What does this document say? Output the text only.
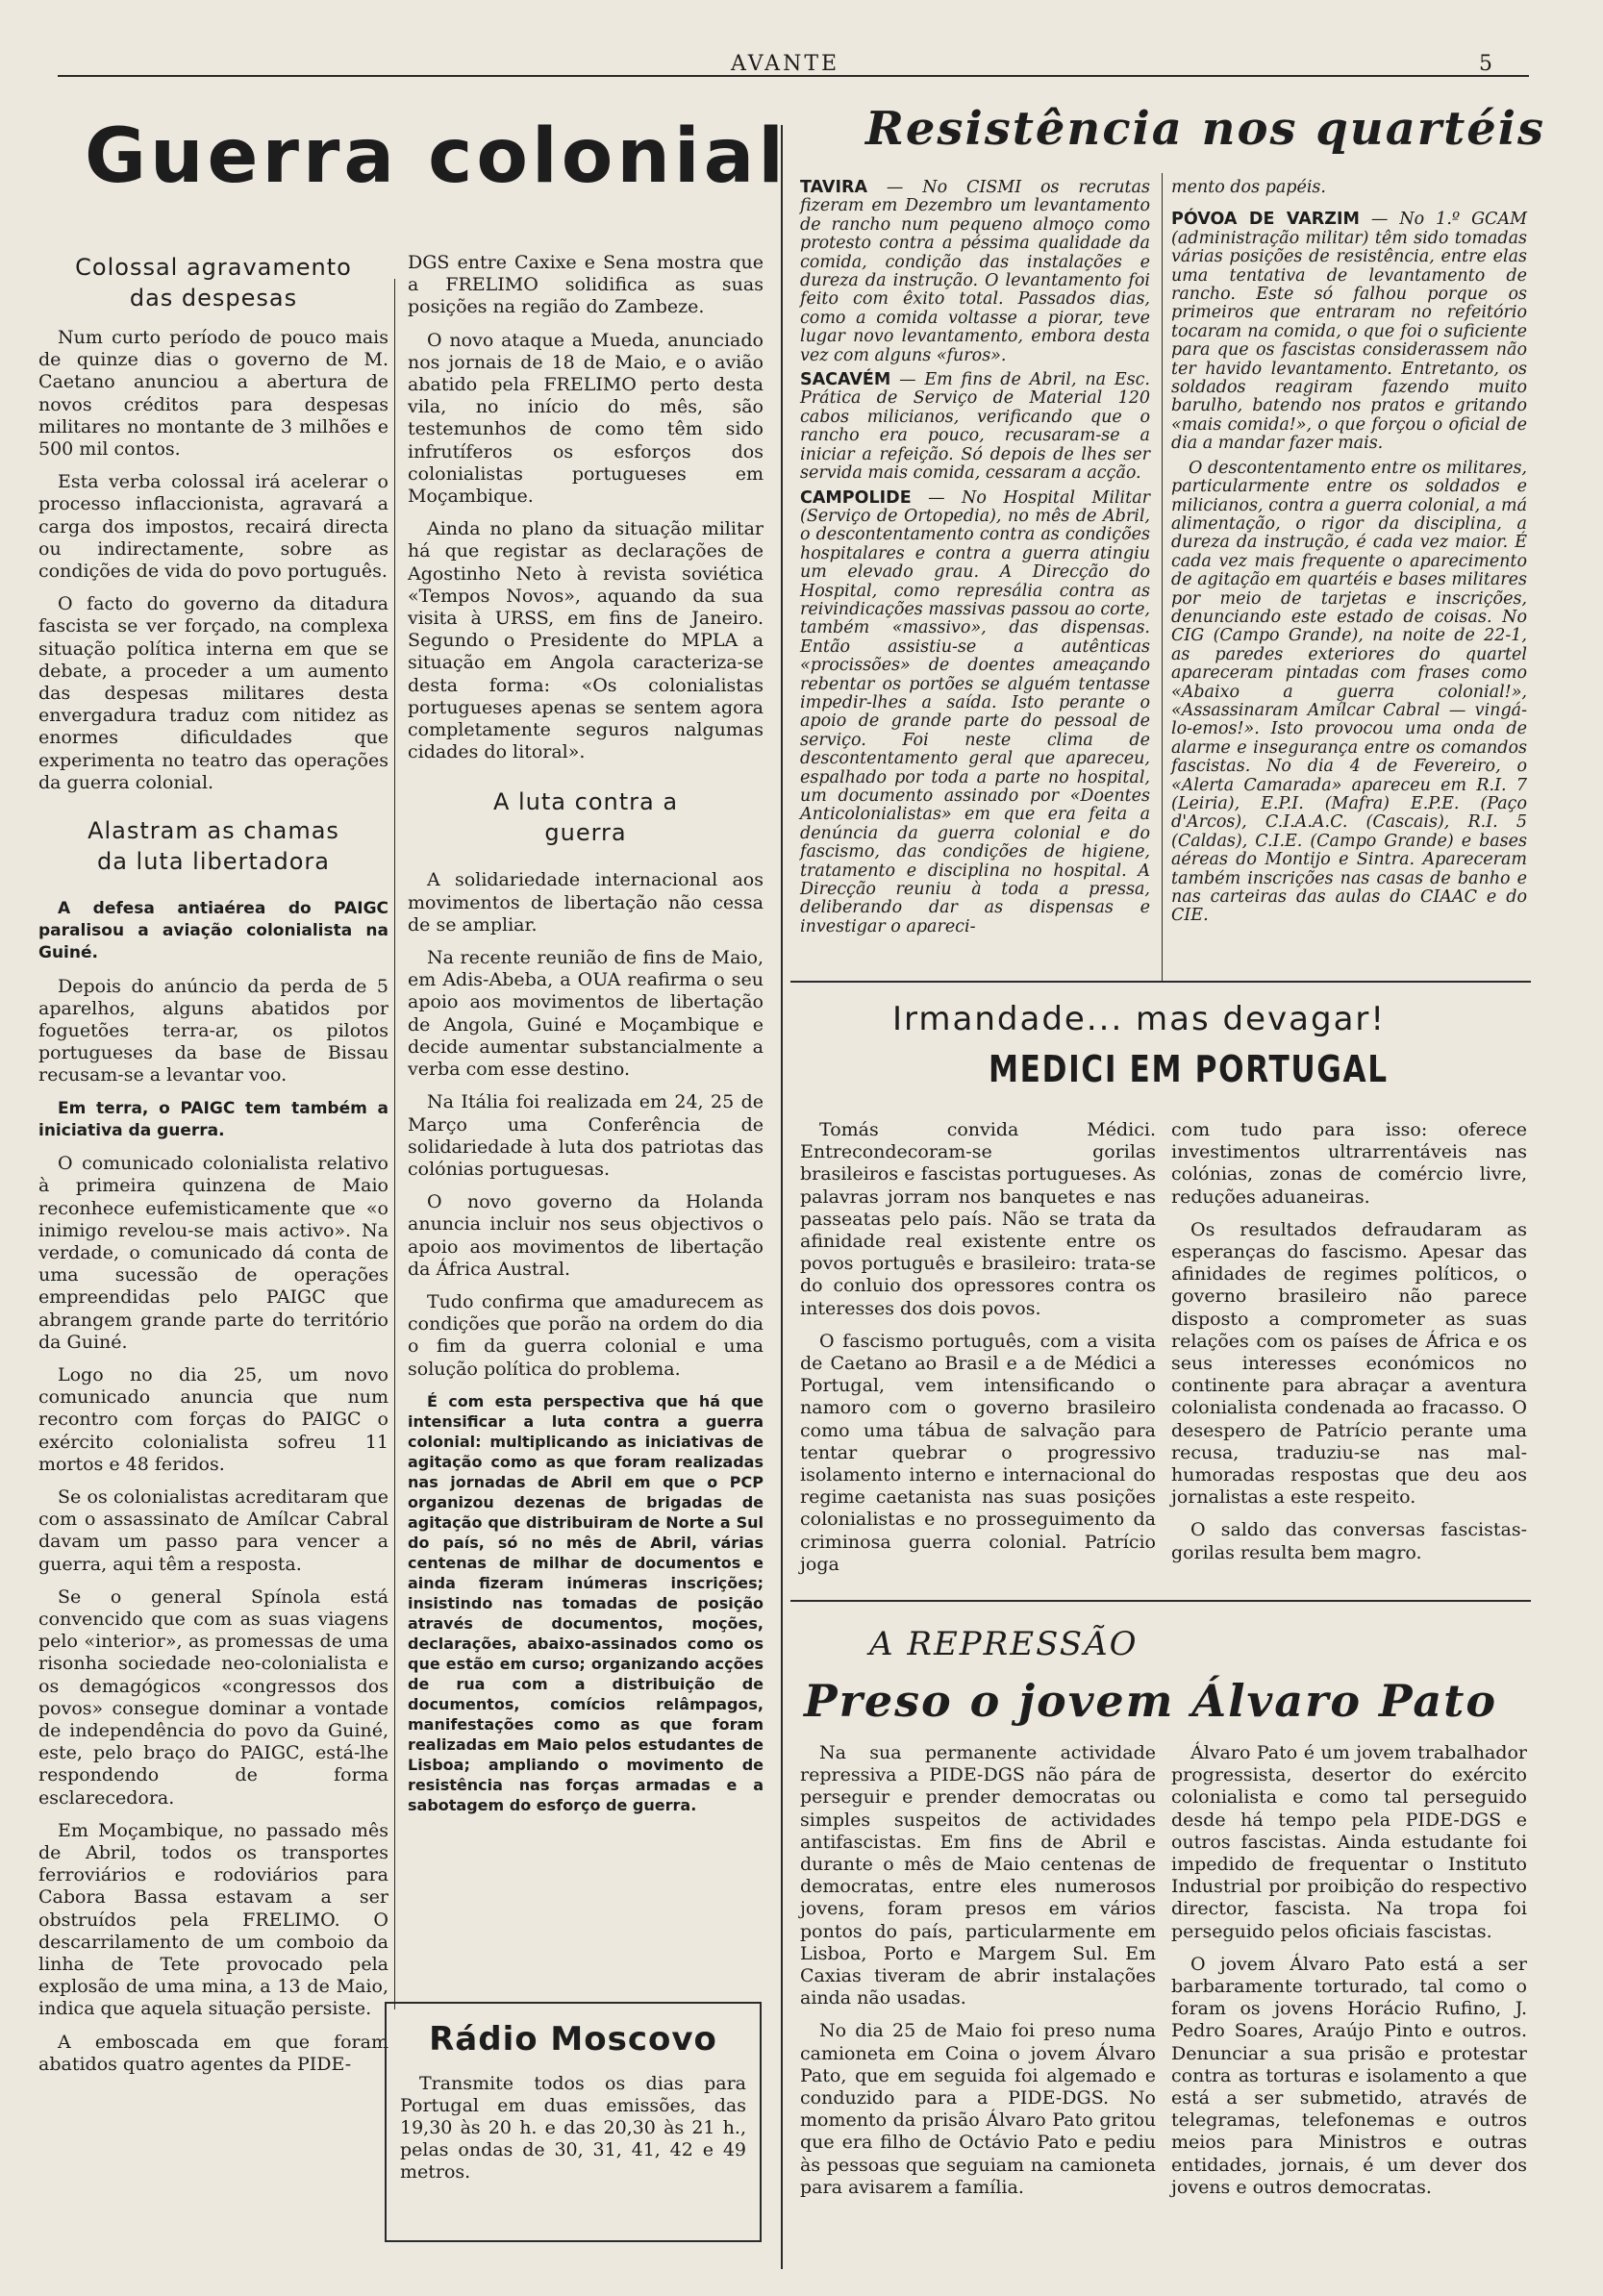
AVANTE	5
Guerra colonial
Colossal agravamento das despesas

Num curto período de pouco mais de quinze dias o governo de M. Caetano anunciou a abertura de novos créditos para despesas militares no montante de 3 milhões e 500 mil contos.

Esta verba colossal irá acelerar o processo inflaccionista, agravará a carga dos impostos, recairá directa ou indirectamente, sobre as condições de vida do povo português.

O facto do governo da ditadura fascista se ver forçado, na complexa situação política interna em que se debate, a proceder a um aumento das despesas militares desta envergadura traduz com nitidez as enormes dificuldades que experimenta no teatro das operações da guerra colonial.

Alastram as chamas da luta libertadora

A defesa antiaérea do PAIGC paralisou a aviação colonialista na Guiné.

Depois do anúncio da perda de 5 aparelhos, alguns abatidos por foguetões terra-ar, os pilotos portugueses da base de Bissau recusam-se a levantar voo.

Em terra, o PAIGC tem também a iniciativa da guerra.

O comunicado colonialista relativo à primeira quinzena de Maio reconhece eufemisticamente que «o inimigo revelou-se mais activo». Na verdade, o comunicado dá conta de uma sucessão de operações empreendidas pelo PAIGC que abrangem grande parte do território da Guiné.

Logo no dia 25, um novo comunicado anuncia que num recontro com forças do PAIGC o exército colonialista sofreu 11 mortos e 48 feridos.

Se os colonialistas acreditaram que com o assassinato de Amílcar Cabral davam um passo para vencer a guerra, aqui têm a resposta.

Se o general Spínola está convencido que com as suas viagens pelo «interior», as promessas de uma risonha sociedade neo-colonialista e os demagógicos «congressos dos povos» consegue dominar a vontade de independência do povo da Guiné, este, pelo braço do PAIGC, está-lhe respondendo de forma esclarecedora.

Em Moçambique, no passado mês de Abril, todos os transportes ferroviários e rodoviários para Cabora Bassa estavam a ser obstruídos pela FRELIMO. O descarrilamento de um comboio da linha de Tete provocado pela explosão de uma mina, a 13 de Maio, indica que aquela situação persiste.

A emboscada em que foram abatidos quatro agentes da PIDE-

DGS entre Caxixe e Sena mostra que a FRELIMO solidifica as suas posições na região do Zambeze.

O novo ataque a Mueda, anunciado nos jornais de 18 de Maio, e o avião abatido pela FRELIMO perto desta vila, no início do mês, são testemunhos de como têm sido infrutíferos os esforços dos colonialistas portugueses em Moçambique.

Ainda no plano da situação militar há que registar as declarações de Agostinho Neto à revista soviética «Tempos Novos», aquando da sua visita à URSS, em fins de Janeiro. Segundo o Presidente do MPLA a situação em Angola caracteriza-se desta forma: «Os colonialistas portugueses apenas se sentem agora completamente seguros nalgumas cidades do litoral».

A luta contra a guerra

A solidariedade internacional aos movimentos de libertação não cessa de se ampliar.

Na recente reunião de fins de Maio, em Adis-Abeba, a OUA reafirma o seu apoio aos movimentos de libertação de Angola, Guiné e Moçambique e decide aumentar substancialmente a verba com esse destino.

Na Itália foi realizada em 24, 25 de Março uma Conferência de solidariedade à luta dos patriotas das colónias portuguesas.

O novo governo da Holanda anuncia incluir nos seus objectivos o apoio aos movimentos de libertação da África Austral.

Tudo confirma que amadurecem as condições que porão na ordem do dia o fim da guerra colonial e uma solução política do problema.

É com esta perspectiva que há que intensificar a luta contra a guerra colonial: multiplicando as iniciativas de agitação como as que foram realizadas nas jornadas de Abril em que o PCP organizou dezenas de brigadas de agitação que distribuiram de Norte a Sul do país, só no mês de Abril, várias centenas de milhar de documentos e ainda fizeram inúmeras inscrições; insistindo nas tomadas de posição através de documentos, moções, declarações, abaixo-assinados como os que estão em curso; organizando acções de rua com a distribuição de documentos, comícios relâmpagos, manifestações como as que foram realizadas em Maio pelos estudantes de Lisboa; ampliando o movimento de resistência nas forças armadas e a sabotagem do esforço de guerra.

Rádio Moscovo
Transmite todos os dias para Portugal em duas emissões, das 19,30 às 20 h. e das 20,30 às 21 h., pelas ondas de 30, 31, 41, 42 e 49 metros.
Resistência nos quartéis

TAVIRA — No CISMI os recrutas fizeram em Dezembro um levantamento de rancho num pequeno almoço como protesto contra a péssima qualidade da comida, condição das instalações e dureza da instrução. O levantamento foi feito com êxito total. Passados dias, como a comida voltasse a piorar, teve lugar novo levantamento, embora desta vez com alguns «furos».

SACAVÉM — Em fins de Abril, na Esc. Prática de Serviço de Material 120 cabos milicianos, verificando que o rancho era pouco, recusaram-se a iniciar a refeição. Só depois de lhes ser servida mais comida, cessaram a acção.

CAMPOLIDE — No Hospital Militar (Serviço de Ortopedia), no mês de Abril, o descontentamento contra as condições hospitalares e contra a guerra atingiu um elevado grau. A Direcção do Hospital, como represália contra as reivindicações massivas passou ao corte, também «massivo», das dispensas. Então assistiu-se a autênticas «procissões» de doentes ameaçando rebentar os portões se alguém tentasse impedir-lhes a saída. Isto perante o apoio de grande parte do pessoal de serviço. Foi neste clima de descontentamento geral que apareceu, espalhado por toda a parte no hospital, um documento assinado por «Doentes Anticolonialistas» em que era feita a denúncia da guerra colonial e do fascismo, das condições de higiene, tratamento e disciplina no hospital. A Direcção reuniu à toda a pressa, deliberando dar as dispensas e investigar o apareci-

mento dos papéis.

PÓVOA DE VARZIM — No 1.º GCAM (administração militar) têm sido tomadas várias posições de resistência, entre elas uma tentativa de levantamento de rancho. Este só falhou porque os primeiros que entraram no refeitório tocaram na comida, o que foi o suficiente para que os fascistas considerassem não ter havido levantamento. Entretanto, os soldados reagiram fazendo muito barulho, batendo nos pratos e gritando «mais comida!», o que forçou o oficial de dia a mandar fazer mais.

O descontentamento entre os militares, particularmente entre os soldados e milicianos, contra a guerra colonial, a má alimentação, o rigor da disciplina, a dureza da instrução, é cada vez maior. É cada vez mais frequente o aparecimento de agitação em quartéis e bases militares por meio de tarjetas e inscrições, denunciando este estado de coisas. No CIG (Campo Grande), na noite de 22-1, as paredes exteriores do quartel apareceram pintadas com frases como «Abaixo a guerra colonial!», «Assassinaram Amílcar Cabral — vingá-lo-emos!». Isto provocou uma onda de alarme e insegurança entre os comandos fascistas. No dia 4 de Fevereiro, o «Alerta Camarada» apareceu em R.I. 7 (Leiria), E.P.I. (Mafra) E.P.E. (Paço d'Arcos), C.I.A.A.C. (Cascais), R.I. 5 (Caldas), C.I.E. (Campo Grande) e bases aéreas do Montijo e Sintra. Apareceram também inscrições nas casas de banho e nas carteiras das aulas do CIAAC e do CIE.

Irmandade... mas devagar!
MEDICI EM PORTUGAL

Tomás convida Médici. Entrecondecoram-se gorilas brasileiros e fascistas portugueses. As palavras jorram nos banquetes e nas passeatas pelo país. Não se trata da afinidade real existente entre os povos português e brasileiro: trata-se do conluio dos opressores contra os interesses dos dois povos.

O fascismo português, com a visita de Caetano ao Brasil e a de Médici a Portugal, vem intensificando o namoro com o governo brasileiro como uma tábua de salvação para tentar quebrar o progressivo isolamento interno e internacional do regime caetanista nas suas posições colonialistas e no prosseguimento da criminosa guerra colonial. Patrício joga

com tudo para isso: oferece investimentos ultrarrentáveis nas colónias, zonas de comércio livre, reduções aduaneiras.

Os resultados defraudaram as esperanças do fascismo. Apesar das afinidades de regimes políticos, o governo brasileiro não parece disposto a comprometer as suas relações com os países de África e os seus interesses económicos no continente para abraçar a aventura colonialista condenada ao fracasso. O desespero de Patrício perante uma recusa, traduziu-se nas mal-humoradas respostas que deu aos jornalistas a este respeito.

O saldo das conversas fascistas-gorilas resulta bem magro.

A REPRESSÃO
Preso o jovem Álvaro Pato

Na sua permanente actividade repressiva a PIDE-DGS não pára de perseguir e prender democratas ou simples suspeitos de actividades antifascistas. Em fins de Abril e durante o mês de Maio centenas de democratas, entre eles numerosos jovens, foram presos em vários pontos do país, particularmente em Lisboa, Porto e Margem Sul. Em Caxias tiveram de abrir instalações ainda não usadas.

No dia 25 de Maio foi preso numa camioneta em Coina o jovem Álvaro Pato, que em seguida foi algemado e conduzido para a PIDE-DGS. No momento da prisão Álvaro Pato gritou que era filho de Octávio Pato e pediu às pessoas que seguiam na camioneta para avisarem a família.

Álvaro Pato é um jovem trabalhador progressista, desertor do exército colonialista e como tal perseguido desde há tempo pela PIDE-DGS e outros fascistas. Ainda estudante foi impedido de frequentar o Instituto Industrial por proibição do respectivo director, fascista. Na tropa foi perseguido pelos oficiais fascistas.

O jovem Álvaro Pato está a ser barbaramente torturado, tal como o foram os jovens Horácio Rufino, J. Pedro Soares, Araújo Pinto e outros. Denunciar a sua prisão e protestar contra as torturas e isolamento a que está a ser submetido, através de telegramas, telefonemas e outros meios para Ministros e outras entidades, jornais, é um dever dos jovens e outros democratas.
